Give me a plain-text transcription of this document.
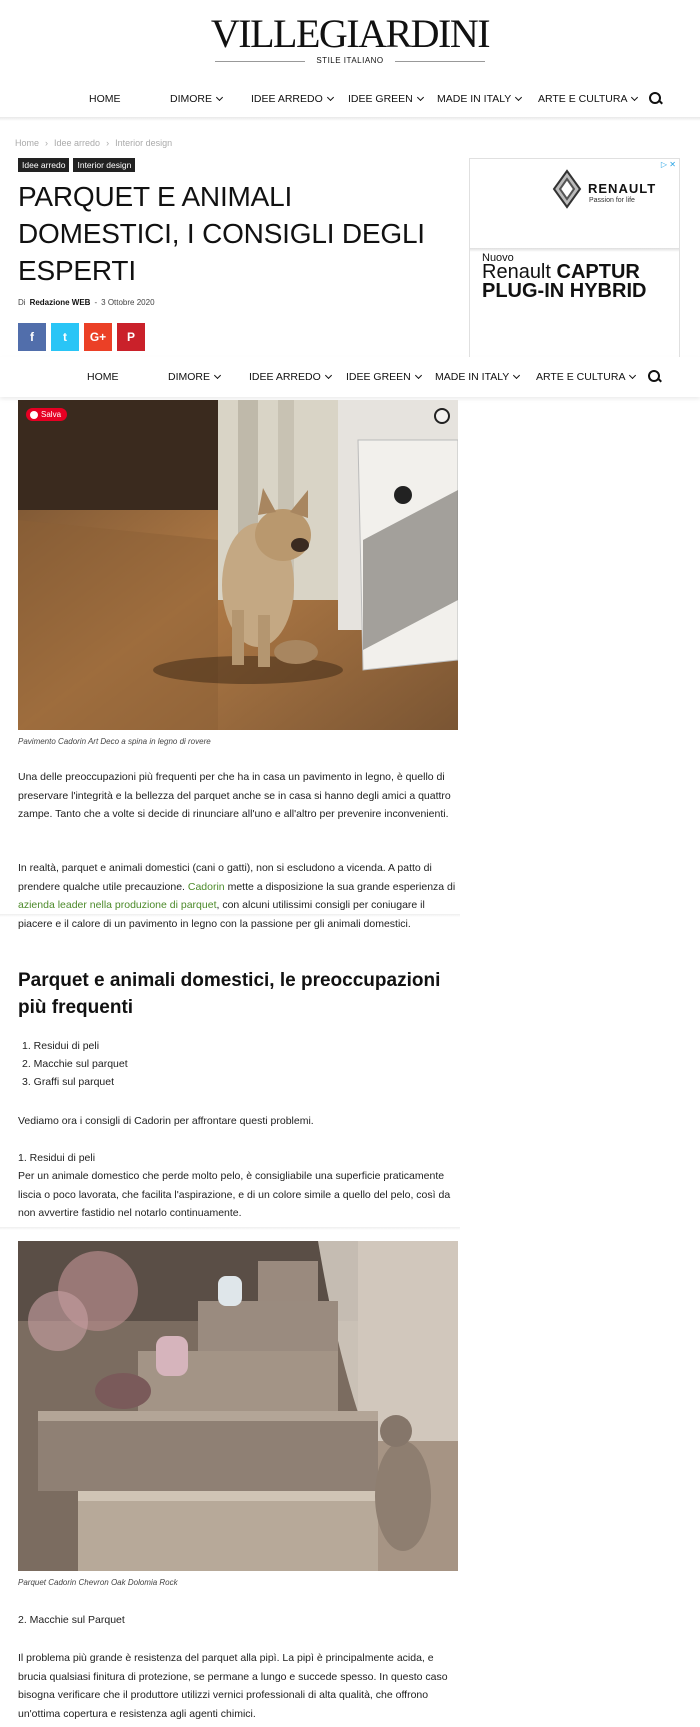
VILLEGIARDINI
STILE ITALIANO
HOME	DIMORE	IDEE ARREDO IDEE GREEN MADE IN ITALY	ARTE E CULTURA
Home › Idee arredo › Interior design
Idee arredo	Interior design
PARQUET E ANIMALI DOMESTICI, I CONSIGLI DEGLI ESPERTI
Di Redazione WEB - 3 Ottobre 2020
f t G+ P
▷ ✕
RENAULT
Passion for life
Nuovo
Renault CAPTUR
PLUG-IN HYBRID
HOME	DIMORE	IDEE ARREDO IDEE GREEN MADE IN ITALY	ARTE E CULTURA
Salva
Pavimento Cadorin Art Deco a spina in legno di rovere

Una delle preoccupazioni più frequenti per che ha in casa un pavimento in legno, è quello di preservare l'integrità e la bellezza del parquet anche se in casa si hanno degli amici a quattro zampe. Tanto che a volte si decide di rinunciare all'uno e all'altro per prevenire inconvenienti.

In realtà, parquet e animali domestici (cani o gatti), non si escludono a vicenda. A patto di prendere qualche utile precauzione. Cadorin mette a disposizione la sua grande esperienza di azienda leader nella produzione di parquet, con alcuni utilissimi consigli per coniugare il piacere e il calore di un pavimento in legno con la passione per gli animali domestici.

Parquet e animali domestici, le preoccupazioni più frequenti
1. Residui di peli
2. Macchie sul parquet
3. Graffi sul parquet

Vediamo ora i consigli di Cadorin per affrontare questi problemi.

1. Residui di peli

Per un animale domestico che perde molto pelo, è consigliabile una superficie praticamente liscia o poco lavorata, che facilita l'aspirazione, e di un colore simile a quello del pelo, così da non avvertire fastidio nel notarlo continuamente.

Parquet Cadorin Chevron Oak Dolomia Rock

2. Macchie sul Parquet

Il problema più grande è resistenza del parquet alla pipì. La pipì è principalmente acida, e brucia qualsiasi finitura di protezione, se permane a lungo e succede spesso. In questo caso bisogna verificare che il produttore utilizzi vernici professionali di alta qualità, che offrono un'ottima copertura e resistenza agli agenti chimici.
